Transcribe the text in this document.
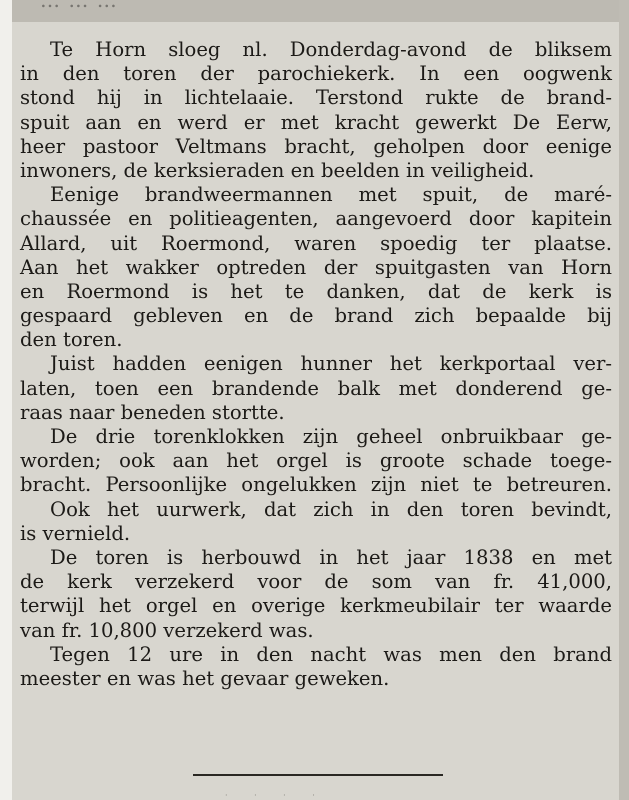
… … …
Te Horn sloeg nl. Donderdag-avond de bliksem
in den toren der parochiekerk. In een oogwenk
stond hij in lichtelaaie. Terstond rukte de brand-
spuit aan en werd er met kracht gewerkt De Eerw,
heer pastoor Veltmans bracht, geholpen door eenige
inwoners, de kerksieraden en beelden in veiligheid.
Eenige brandweermannen met spuit, de maré-
chaussée en politieagenten, aangevoerd door kapitein
Allard, uit Roermond, waren spoedig ter plaatse.
Aan het wakker optreden der spuitgasten van Horn
en Roermond is het te danken, dat de kerk is
gespaard gebleven en de brand zich bepaalde bij
den toren.
Juist hadden eenigen hunner het kerkportaal ver-
laten, toen een brandende balk met donderend ge-
raas naar beneden stortte.
De drie torenklokken zijn geheel onbruikbaar ge-
worden; ook aan het orgel is groote schade toege-
bracht. Persoonlijke ongelukken zijn niet te betreuren.
Ook het uurwerk, dat zich in den toren bevindt,
is vernield.
De toren is herbouwd in het jaar 1838 en met
de kerk verzekerd voor de som van fr. 41,000,
terwijl het orgel en overige kerkmeubilair ter waarde
van fr. 10,800 verzekerd was.
Tegen 12 ure in den nacht was men den brand
meester en was het gevaar geweken.
· · · ·
